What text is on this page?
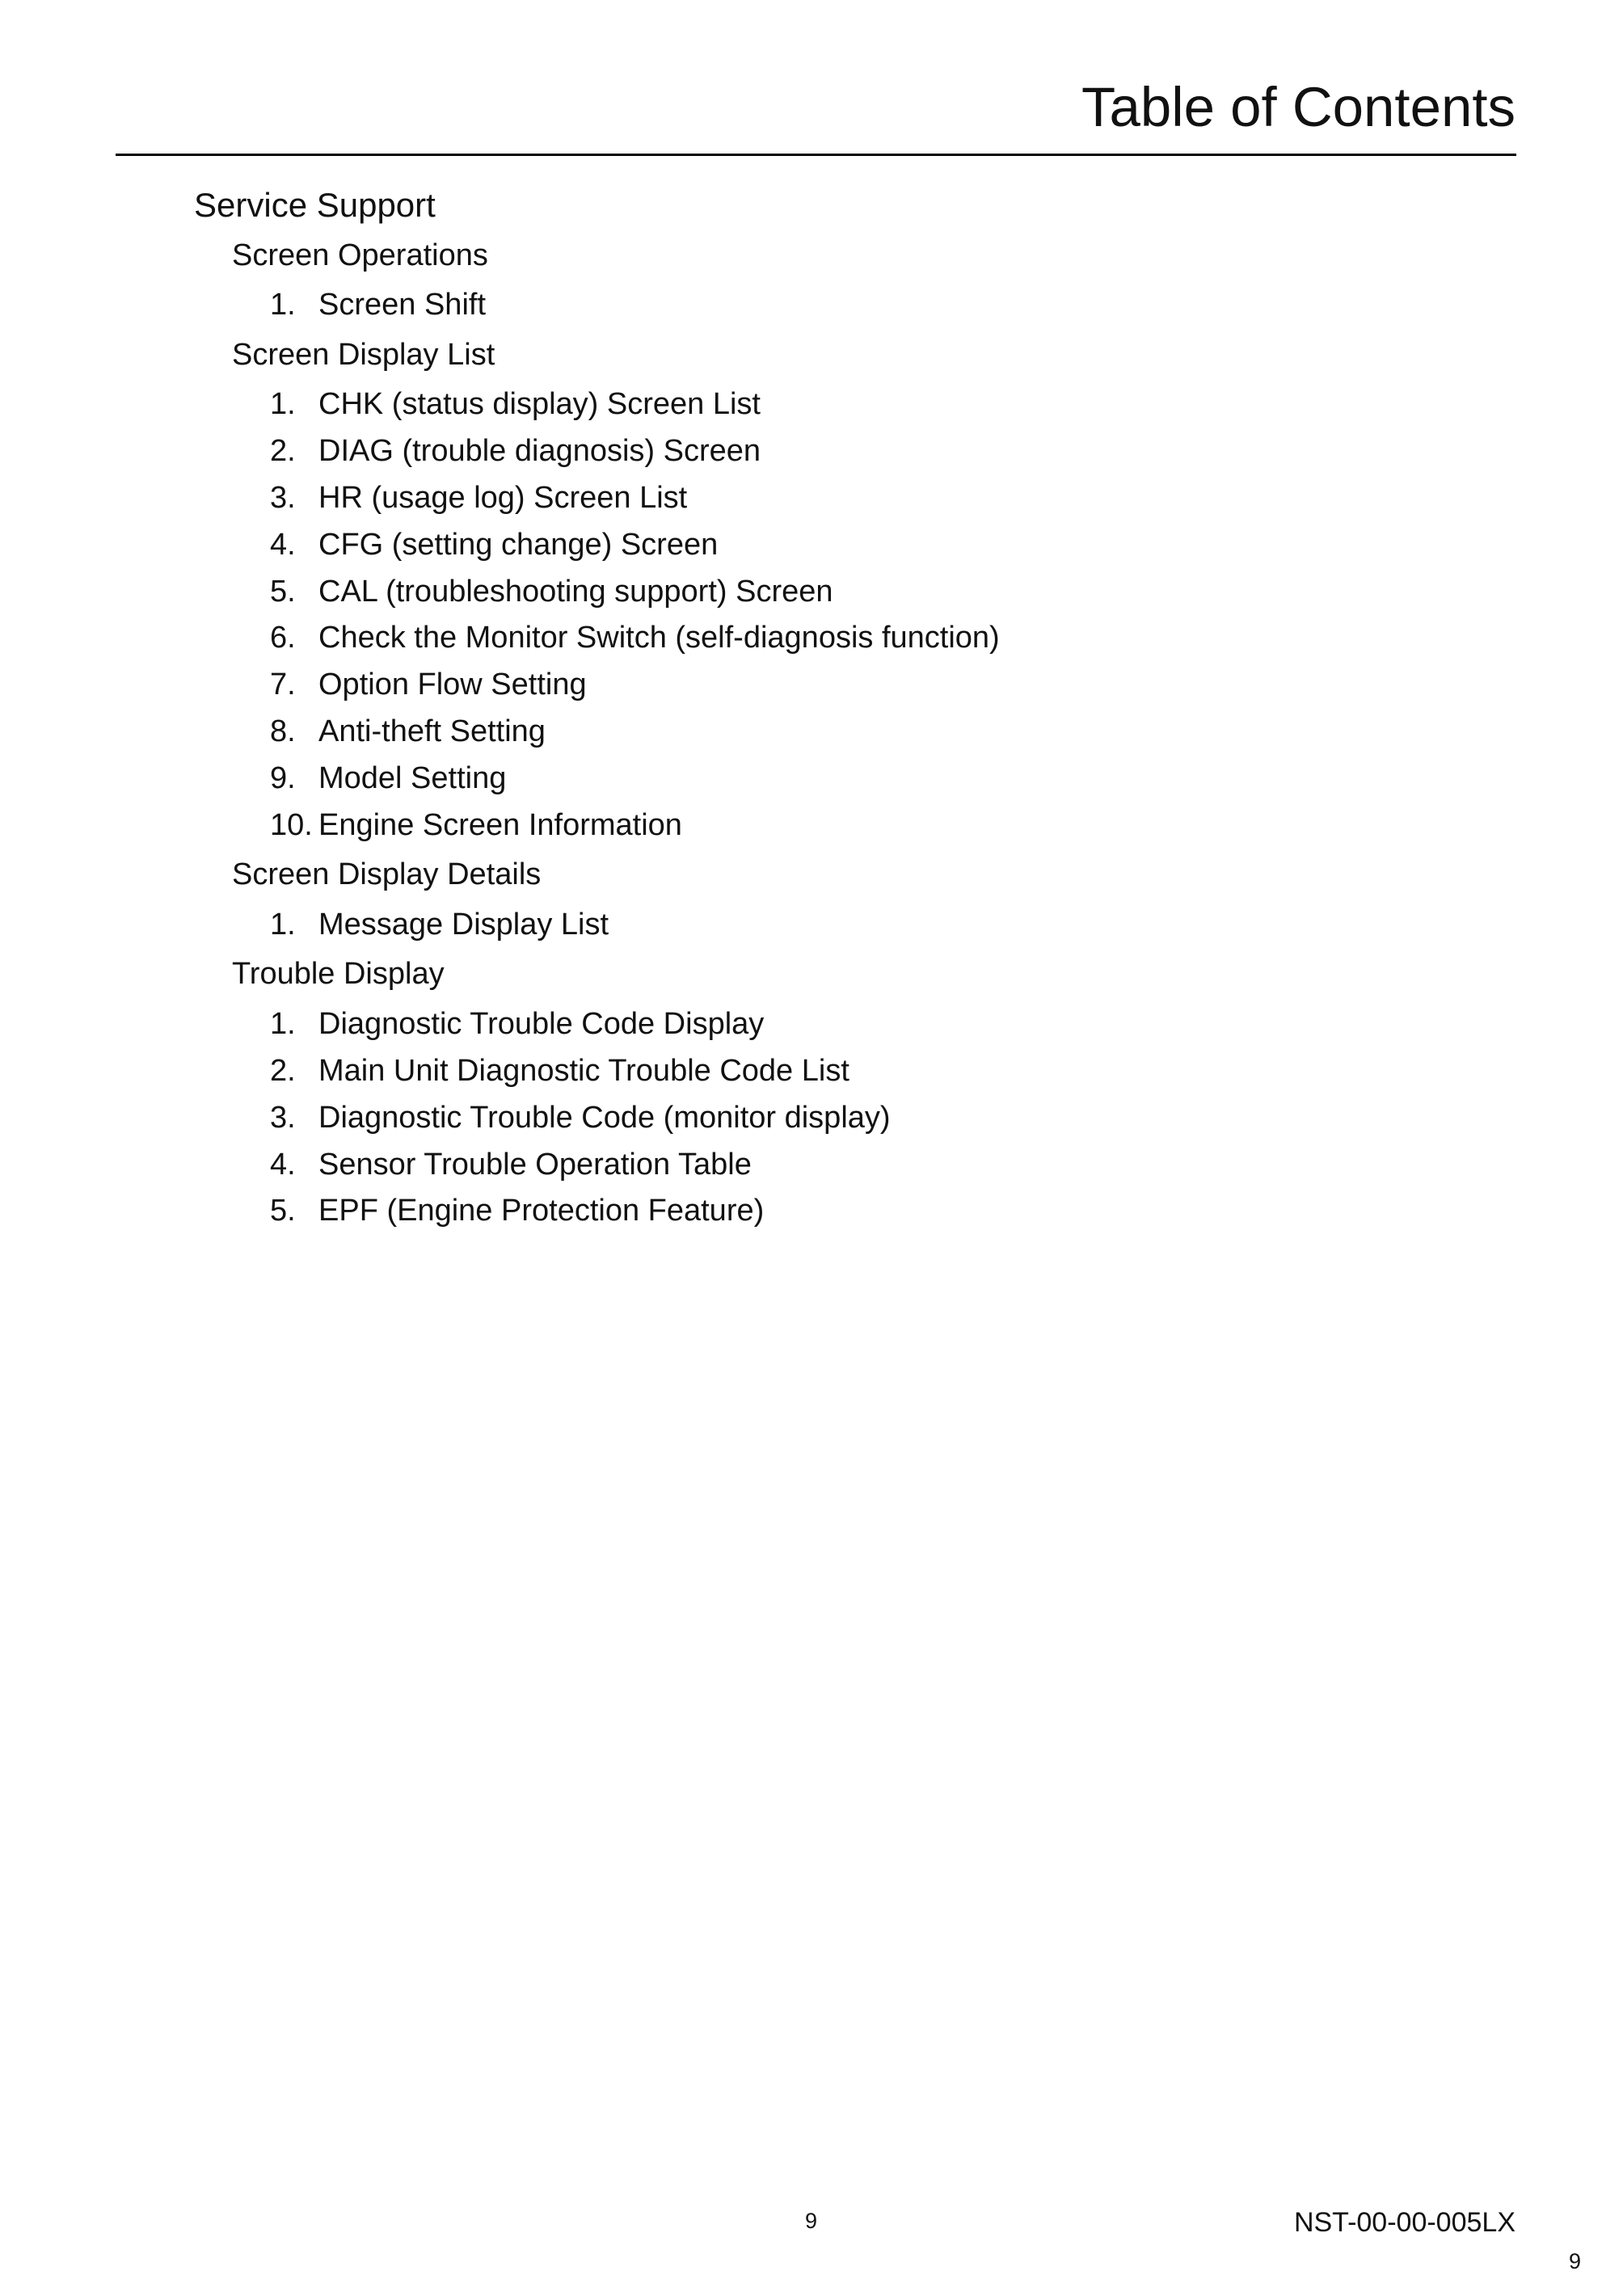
Table of Contents
Service Support
Screen Operations
1. Screen Shift
Screen Display List
1. CHK (status display) Screen List
2. DIAG (trouble diagnosis) Screen
3. HR (usage log) Screen List
4. CFG (setting change) Screen
5. CAL (troubleshooting support) Screen
6. Check the Monitor Switch (self-diagnosis function)
7. Option Flow Setting
8. Anti-theft Setting
9. Model Setting
10. Engine Screen Information
Screen Display Details
1. Message Display List
Trouble Display
1. Diagnostic Trouble Code Display
2. Main Unit Diagnostic Trouble Code List
3. Diagnostic Trouble Code (monitor display)
4. Sensor Trouble Operation Table
5. EPF (Engine Protection Feature)
9	NST-00-00-005LX
9
